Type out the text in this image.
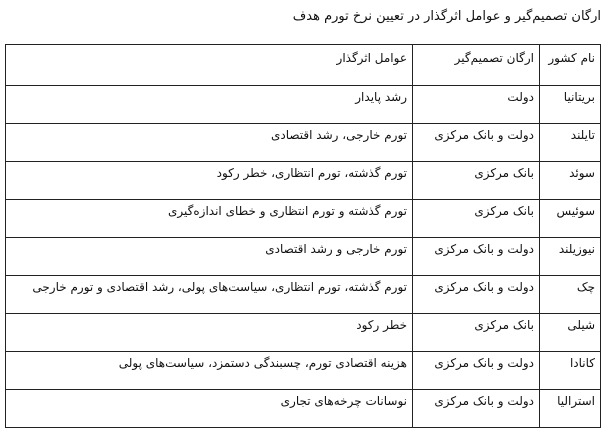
ارگان تصمیم‌گیر و عوامل اثرگذار در تعیین نرخ تورم هدف
نام کشور	ارگان تصمیم‌گیر	عوامل اثرگذار
بریتانیا	دولت	رشد پایدار
تایلند	دولت و بانک مرکزی	تورم خارجی، رشد اقتصادی
سوئد	بانک مرکزی	تورم گذشته، تورم انتظاری، خطر رکود
سوئیس	بانک مرکزی	تورم گذشته و تورم انتظاری و خطای اندازه‌گیری
نیوزیلند	دولت و بانک مرکزی	تورم خارجی و رشد اقتصادی
چک	دولت و بانک مرکزی	تورم گذشته، تورم انتظاری، سیاست‌های پولی، رشد اقتصادی و تورم خارجی
شیلی	بانک مرکزی	خطر رکود
کانادا	دولت و بانک مرکزی	هزینه اقتصادی تورم، چسبندگی دستمزد، سیاست‌های پولی
استرالیا	دولت و بانک مرکزی	نوسانات چرخه‌های تجاری
